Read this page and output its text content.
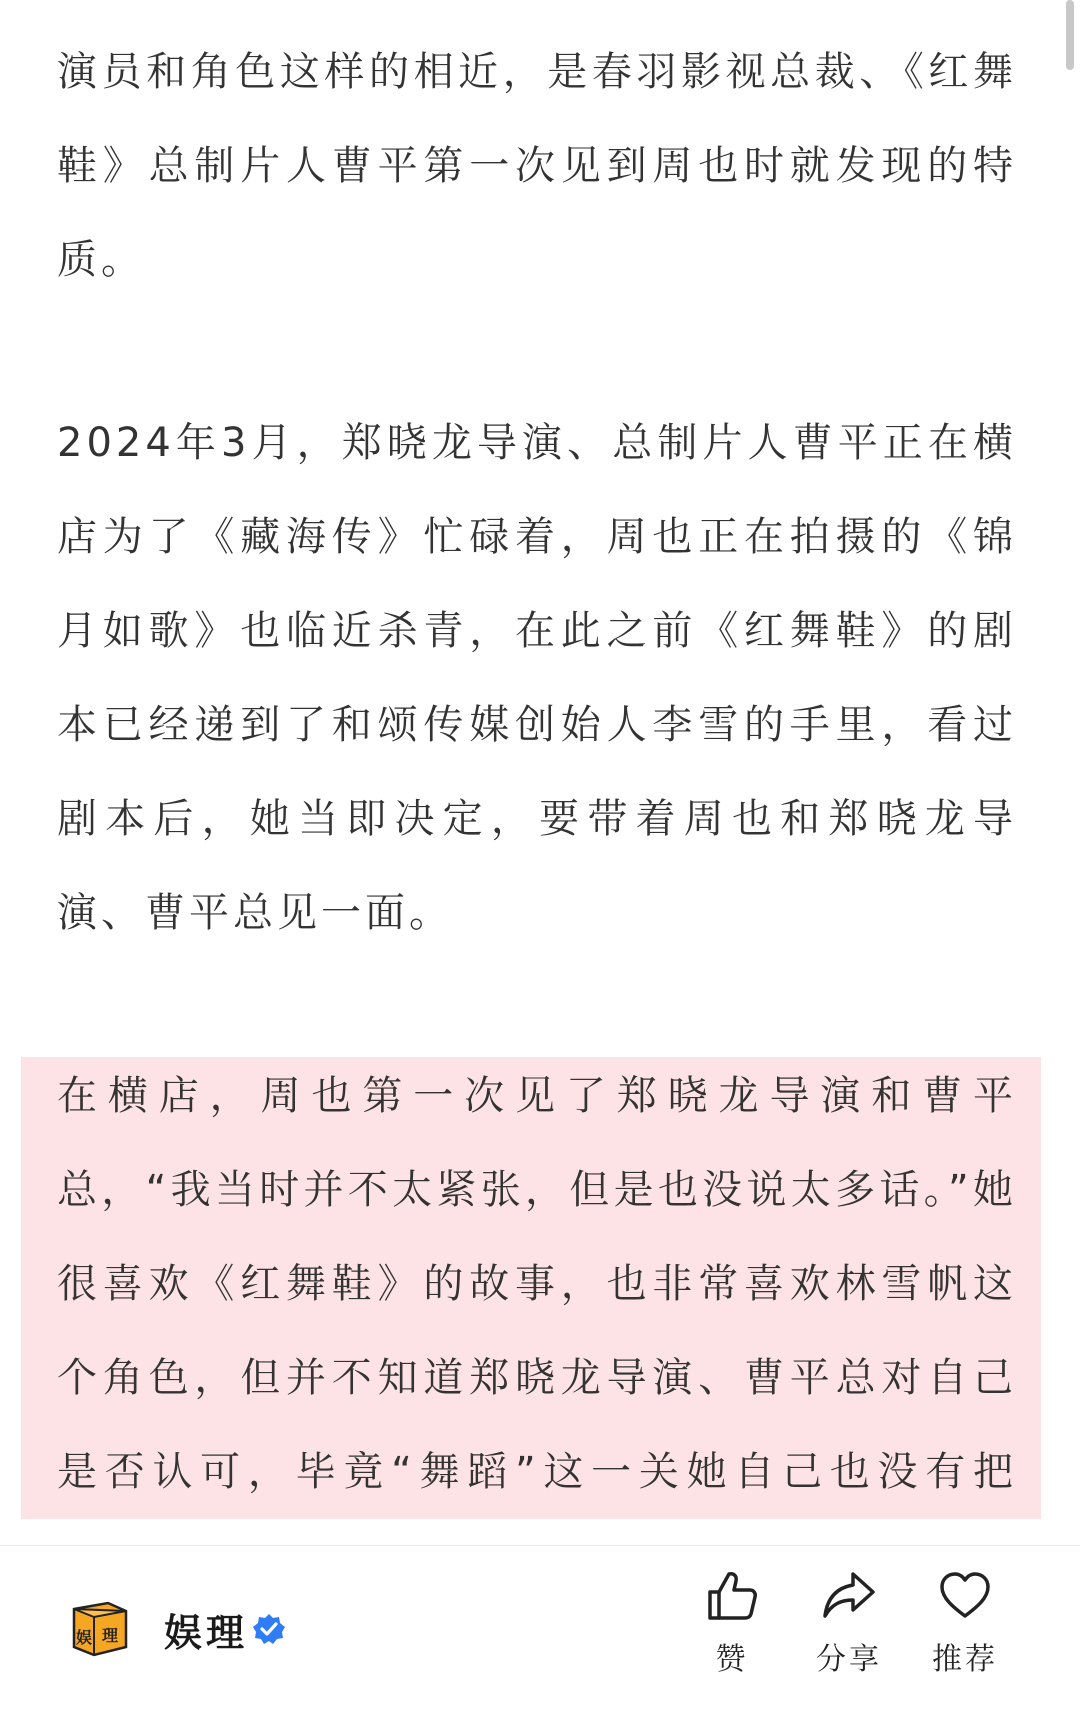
演员和角色这样的相近，是春羽影视总裁、《红舞鞋》总制片人曹平第一次见到周也时就发现的特质。

2024年3月，郑晓龙导演、总制片人曹平正在横店为了《藏海传》忙碌着，周也正在拍摄的《锦月如歌》也临近杀青，在此之前《红舞鞋》的剧本已经递到了和颂传媒创始人李雪的手里，看过剧本后，她当即决定，要带着周也和郑晓龙导演、曹平总见一面。

在横店，周也第一次见了郑晓龙导演和曹平总，“我当时并不太紧张，但是也没说太多话。”她很喜欢《红舞鞋》的故事，也非常喜欢林雪帆这个角色，但并不知道郑晓龙导演、曹平总对自己是否认可，毕竟“舞蹈”这一关她自己也没有把

娱 理 娱理
赞	分享	推荐
